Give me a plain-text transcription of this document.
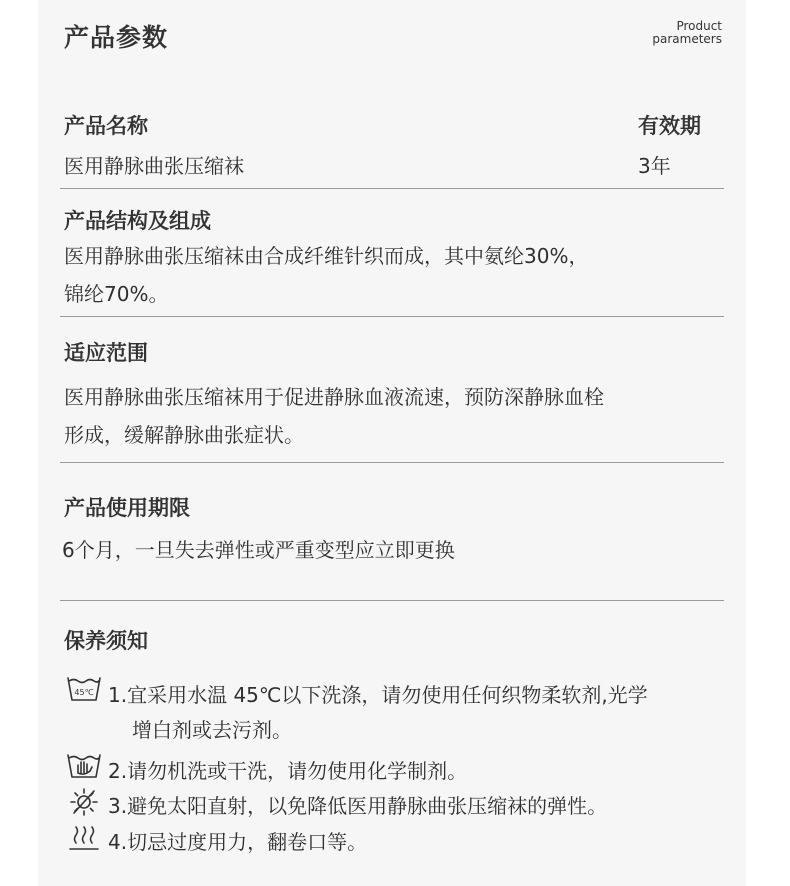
产品参数	Product
parameters
产品名称
医用静脉曲张压缩袜
有效期
3年
产品结构及组成
医用静脉曲张压缩袜由合成纤维针织而成，其中氨纶30%，
锦纶70%。
适应范围
医用静脉曲张压缩袜用于促进静脉血液流速，预防深静脉血栓
形成，缓解静脉曲张症状。
产品使用期限
6个月，一旦失去弹性或严重变型应立即更换
保养须知
45℃ 1.宜采用水温 45℃以下洗涤，请勿使用任何织物柔软剂,光学
增白剂或去污剂。
2.请勿机洗或干洗，请勿使用化学制剂。
3.避免太阳直射，以免降低医用静脉曲张压缩袜的弹性。
4.切忌过度用力，翻卷口等。
